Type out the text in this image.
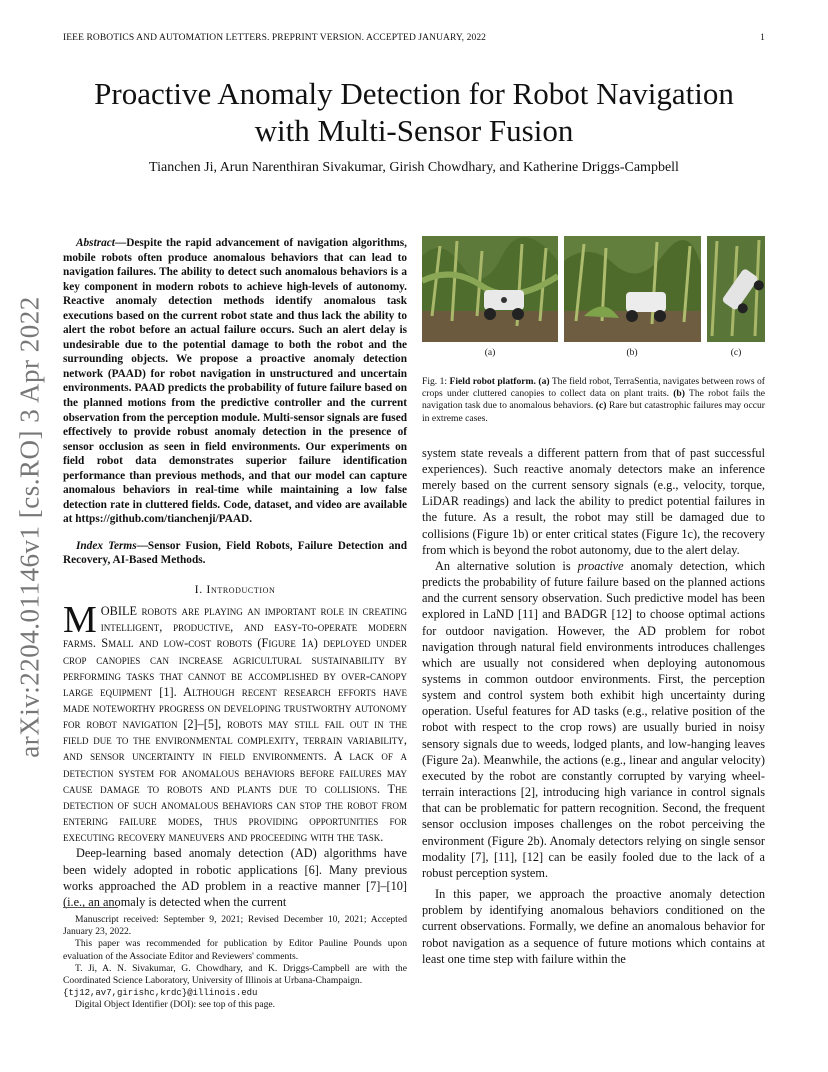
IEEE ROBOTICS AND AUTOMATION LETTERS. PREPRINT VERSION. ACCEPTED JANUARY, 2022	1
arXiv:2204.01146v1 [cs.RO] 3 Apr 2022
Proactive Anomaly Detection for Robot Navigation
with Multi-Sensor Fusion
Tianchen Ji, Arun Narenthiran Sivakumar, Girish Chowdhary, and Katherine Driggs-Campbell

Abstract—Despite the rapid advancement of navigation algorithms, mobile robots often produce anomalous behaviors that can lead to navigation failures. The ability to detect such anomalous behaviors is a key component in modern robots to achieve high-levels of autonomy. Reactive anomaly detection methods identify anomalous task executions based on the current robot state and thus lack the ability to alert the robot before an actual failure occurs. Such an alert delay is undesirable due to the potential damage to both the robot and the surrounding objects. We propose a proactive anomaly detection network (PAAD) for robot navigation in unstructured and uncertain environments. PAAD predicts the probability of future failure based on the planned motions from the predictive controller and the current observation from the perception module. Multi-sensor signals are fused effectively to provide robust anomaly detection in the presence of sensor occlusion as seen in field environments. Our experiments on field robot data demonstrates superior failure identification performance than previous methods, and that our model can capture anomalous behaviors in real-time while maintaining a low false detection rate in cluttered fields. Code, dataset, and video are available at https://github.com/tianchenji/PAAD.

Index Terms—Sensor Fusion, Field Robots, Failure Detection and Recovery, AI-Based Methods.

I. Introduction

MOBILE robots are playing an important role in creating intelligent, productive, and easy-to-operate modern farms. Small and low-cost robots (Figure 1a) deployed under crop canopies can increase agricultural sustainability by performing tasks that cannot be accomplished by over-canopy large equipment [1]. Although recent research efforts have made noteworthy progress on developing trustworthy autonomy for robot navigation [2]–[5], robots may still fail out in the field due to the environmental complexity, terrain variability, and sensor uncertainty in field environments. A lack of a detection system for anomalous behaviors before failures may cause damage to robots and plants due to collisions. The detection of such anomalous behaviors can stop the robot from entering failure modes, thus providing opportunities for executing recovery maneuvers and proceeding with the task.

Deep-learning based anomaly detection (AD) algorithms have been widely adopted in robotic applications [6]. Many previous works approached the AD problem in a reactive manner [7]–[10] (i.e., an anomaly is detected when the current

Manuscript received: September 9, 2021; Revised December 10, 2021; Accepted January 23, 2022.

This paper was recommended for publication by Editor Pauline Pounds upon evaluation of the Associate Editor and Reviewers' comments.

T. Ji, A. N. Sivakumar, G. Chowdhary, and K. Driggs-Campbell are with the Coordinated Science Laboratory, University of Illinois at Urbana-Champaign.

{tj12,av7,girishc,krdc}@illinois.edu

Digital Object Identifier (DOI): see top of this page.

(a)	(b)	(c)

Fig. 1: Field robot platform. (a) The field robot, TerraSentia, navigates between rows of crops under cluttered canopies to collect data on plant traits. (b) The robot fails the navigation task due to anomalous behaviors. (c) Rare but catastrophic failures may occur in extreme cases.

system state reveals a different pattern from that of past successful experiences). Such reactive anomaly detectors make an inference merely based on the current sensory signals (e.g., velocity, torque, LiDAR readings) and lack the ability to predict potential failures in the future. As a result, the robot may still be damaged due to collisions (Figure 1b) or enter critical states (Figure 1c), the recovery from which is beyond the robot autonomy, due to the alert delay.

An alternative solution is proactive anomaly detection, which predicts the probability of future failure based on the planned actions and the current sensory observation. Such predictive model has been explored in LaND [11] and BADGR [12] to choose optimal actions for outdoor navigation. However, the AD problem for robot navigation through natural field environments introduces challenges which are usually not considered when deploying autonomous systems in common outdoor environments. First, the perception system and control system both exhibit high uncertainty during operation. Useful features for AD tasks (e.g., relative position of the robot with respect to the crop rows) are usually buried in noisy sensory signals due to weeds, lodged plants, and low-hanging leaves (Figure 2a). Meanwhile, the actions (e.g., linear and angular velocity) executed by the robot are constantly corrupted by varying wheel-terrain interactions [2], introducing high variance in control signals that can be problematic for pattern recognition. Second, the frequent sensor occlusion imposes challenges on the robot perceiving the environment (Figure 2b). Anomaly detectors relying on single sensor modality [7], [11], [12] can be easily fooled due to the lack of a robust perception system.

In this paper, we approach the proactive anomaly detection problem by identifying anomalous behaviors conditioned on the current observations. Formally, we define an anomalous behavior for robot navigation as a sequence of future motions which contains at least one time step with failure within the
